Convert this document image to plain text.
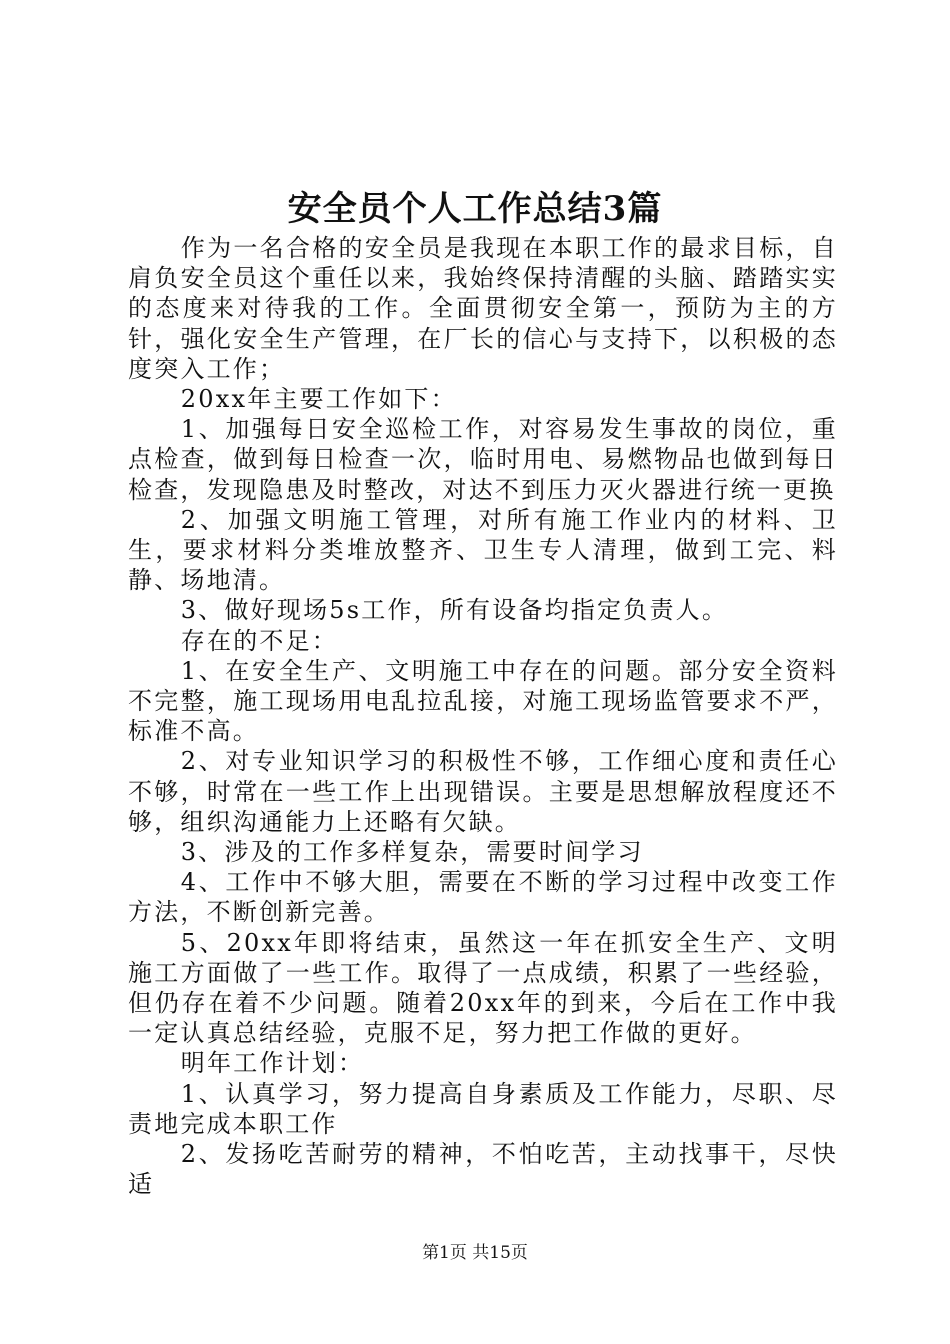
安全员个人工作总结3篇

作为一名合格的安全员是我现在本职工作的最求目标，自肩负安全员这个重任以来，我始终保持清醒的头脑、踏踏实实的态度来对待我的工作。全面贯彻安全第一，预防为主的方针，强化安全生产管理，在厂长的信心与支持下，以积极的态度突入工作；

20xx年主要工作如下：

1、加强每日安全巡检工作，对容易发生事故的岗位，重点检查，做到每日检查一次，临时用电、易燃物品也做到每日检查，发现隐患及时整改，对达不到压力灭火器进行统一更换

2、加强文明施工管理，对所有施工作业内的材料、卫生，要求材料分类堆放整齐、卫生专人清理，做到工完、料静、场地清。

3、做好现场5s工作，所有设备均指定负责人。

存在的不足：

1、在安全生产、文明施工中存在的问题。部分安全资料不完整，施工现场用电乱拉乱接，对施工现场监管要求不严，标准不高。

2、对专业知识学习的积极性不够，工作细心度和责任心不够，时常在一些工作上出现错误。主要是思想解放程度还不够，组织沟通能力上还略有欠缺。

3、涉及的工作多样复杂，需要时间学习

4、工作中不够大胆，需要在不断的学习过程中改变工作方法，不断创新完善。

5、20xx年即将结束，虽然这一年在抓安全生产、文明施工方面做了一些工作。取得了一点成绩，积累了一些经验，但仍存在着不少问题。随着20xx年的到来，今后在工作中我一定认真总结经验，克服不足，努力把工作做的更好。

明年工作计划：

1、认真学习，努力提高自身素质及工作能力，尽职、尽责地完成本职工作

2、发扬吃苦耐劳的精神，不怕吃苦，主动找事干，尽快适

第1页 共15页
